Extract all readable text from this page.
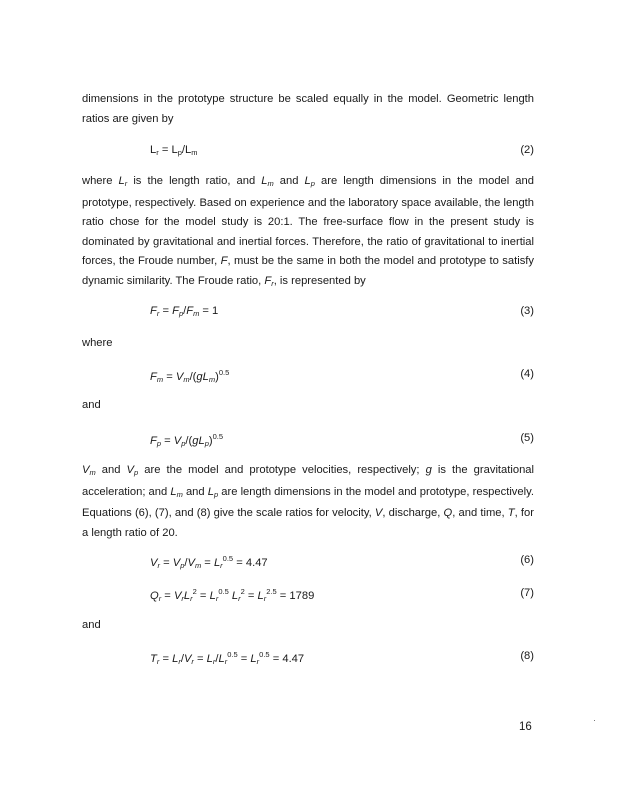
dimensions in the prototype structure be scaled equally in the model. Geometric length ratios are given by

$L_r = L_p/L_m$	(2)

where $L_r$ is the length ratio, and $L_m$ and $L_p$ are length dimensions in the model and prototype, respectively. Based on experience and the laboratory space available, the length ratio chose for the model study is 20:1. The free-surface flow in the present study is dominated by gravitational and inertial forces. Therefore, the ratio of gravitational to inertial forces, the Froude number, F, must be the same in both the model and prototype to satisfy dynamic similarity. The Froude ratio, $F_r$, is represented by

$F_r = F_p/F_m = 1$	(3)
where
$F_m = V_m/(gL_m)^{0.5}$	(4)
and
$F_p = V_p/(gL_p)^{0.5}$	(5)

$V_m$ and $V_p$ are the model and prototype velocities, respectively; g is the gravitational acceleration; and $L_m$ and $L_p$ are length dimensions in the model and prototype, respectively. Equations (6), (7), and (8) give the scale ratios for velocity, V, discharge, Q, and time, T, for a length ratio of 20.

$V_r = V_p/V_m = L_r^{0.5} = 4.47$	(6)
$Q_r = V_rL_r^2 = L_r^{0.5}$ $L_r^2 = L_r^{2.5} = 1789$	(7)
and
$T_r = L_r/V_r = L_r/L_r^{0.5} = L_r^{0.5} = 4.47$	(8)
16
